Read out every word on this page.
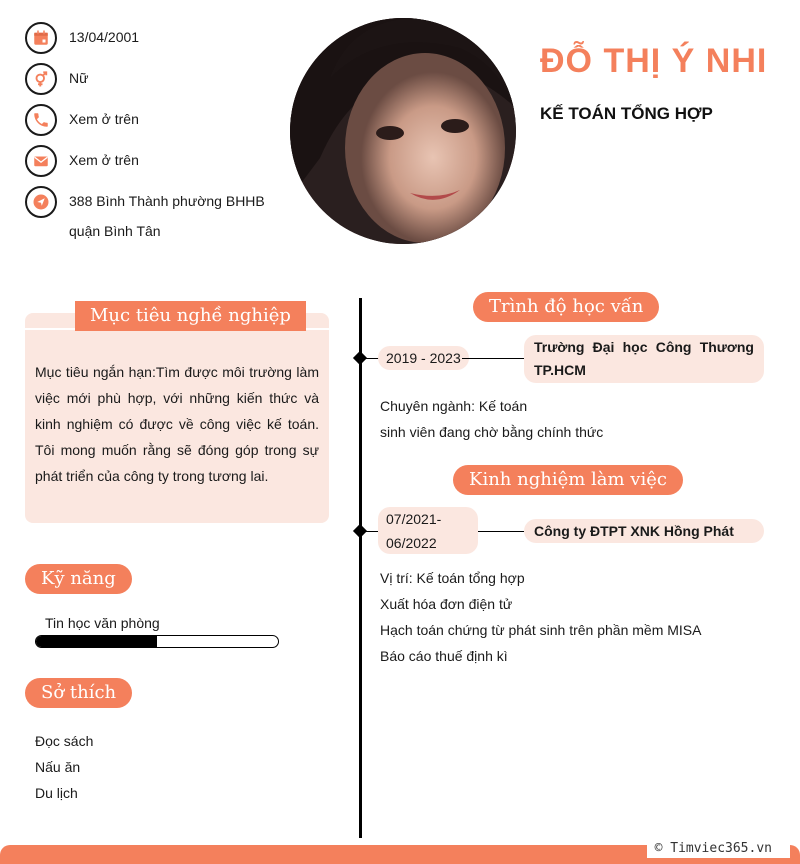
13/04/2001
Nữ
Xem ở trên
Xem ở trên
388 Bình Thành phường BHHB
quận Bình Tân
ĐỖ THỊ Ý NHI
KẾ TOÁN TỔNG HỢP

Mục tiêu ngắn hạn:Tìm được môi trường làm việc mới phù hợp, với những kiến thức và kinh nghiệm có được về công việc kế toán. Tôi mong muốn rằng sẽ đóng góp trong sự phát triển của công ty trong tương lai.

Mục tiêu nghề nghiệp
Kỹ năng
Tin học văn phòng
Sở thích
Đọc sách
Nấu ăn
Du lịch
Trình độ học vấn
2019 - 2023
Trường Đại học Công Thương TP.HCM
Chuyên ngành: Kế toán
sinh viên đang chờ bằng chính thức
Kinh nghiệm làm việc
07/2021-
06/2022
Công ty ĐTPT XNK Hồng Phát
Vị trí: Kế toán tổng hợp
Xuất hóa đơn điện tử
Hạch toán chứng từ phát sinh trên phần mềm MISA
Báo cáo thuế định kì
© Timviec365.vn
